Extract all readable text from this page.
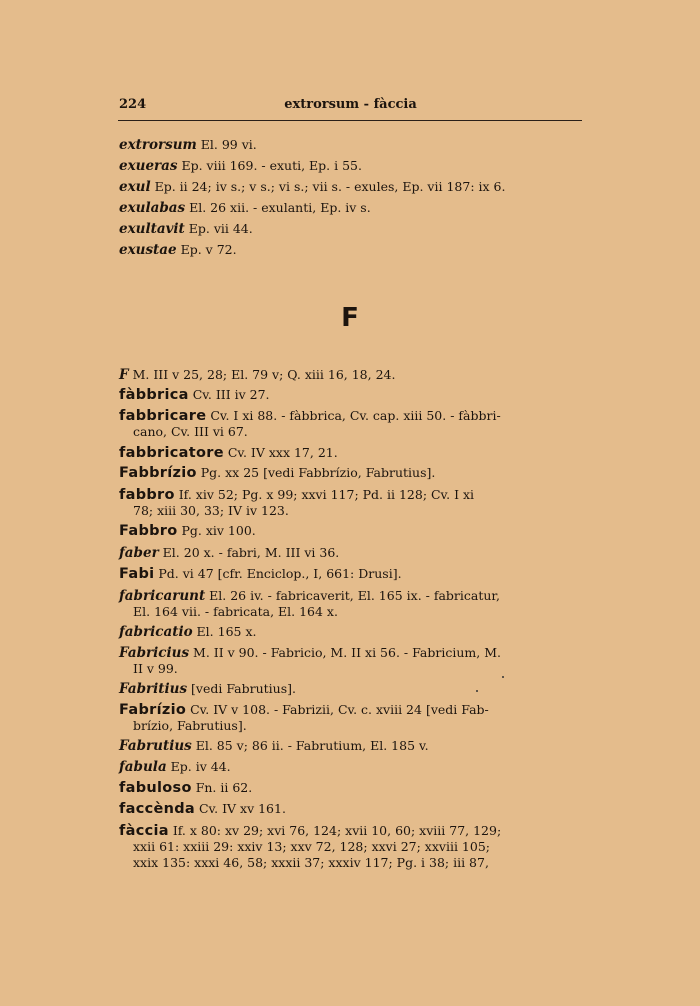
224	extrorsum - fàccia
F
extrorsum El. 99 vi.
exueras Ep. viii 169. - exuti, Ep. i 55.
exul Ep. ii 24; iv s.; v s.; vi s.; vii s. - exules, Ep. vii 187: ix 6.
exulabas El. 26 xii. - exulanti, Ep. iv s.
exultavit Ep. vii 44.
exustae Ep. v 72.
F M. III v 25, 28; El. 79 v; Q. xiii 16, 18, 24.
fàbbrica Cv. III iv 27.
fabbricare Cv. I xi 88. - fàbbrica, Cv. cap. xiii 50. - fàbbri-
cano, Cv. III vi 67.
fabbricatore Cv. IV xxx 17, 21.
Fabbrízio Pg. xx 25 [vedi Fabbrízio, Fabrutius].
fabbro If. xiv 52; Pg. x 99; xxvi 117; Pd. ii 128; Cv. I xi
78; xiii 30, 33; IV iv 123.
Fabbro Pg. xiv 100.
faber El. 20 x. - fabri, M. III vi 36.
Fabi Pd. vi 47 [cfr. Enciclop., I, 661: Drusi].
fabricarunt El. 26 iv. - fabricaverit, El. 165 ix. - fabricatur,
El. 164 vii. - fabricata, El. 164 x.
fabricatio El. 165 x.
Fabricius M. II v 90. - Fabricio, M. II xi 56. - Fabricium, M.
II v 99.
Fabritius [vedi Fabrutius].
Fabrízio Cv. IV v 108. - Fabrizii, Cv. c. xviii 24 [vedi Fab-
brízio, Fabrutius].
Fabrutius El. 85 v; 86 ii. - Fabrutium, El. 185 v.
fabula Ep. iv 44.
fabuloso Fn. ii 62.
faccènda Cv. IV xv 161.
fàccia If. x 80: xv 29; xvi 76, 124; xvii 10, 60; xviii 77, 129;
xxii 61: xxiii 29: xxiv 13; xxv 72, 128; xxvi 27; xxviii 105;
xxix 135: xxxi 46, 58; xxxii 37; xxxiv 117; Pg. i 38; iii 87,
